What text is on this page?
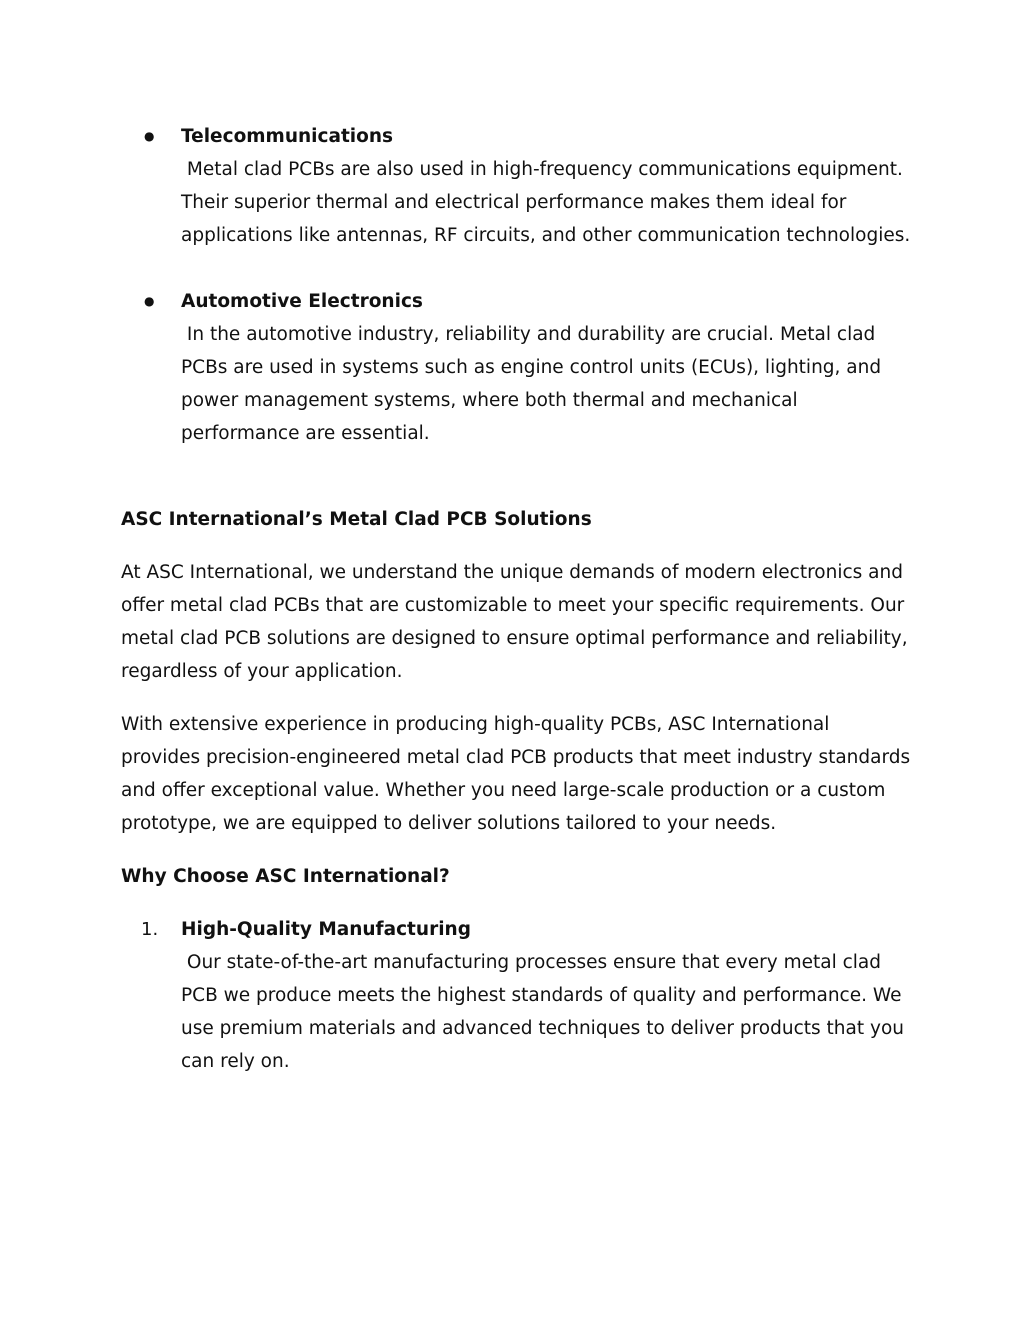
●	Telecommunications
Metal clad PCBs are also used in high-frequency communications equipment. Their superior thermal and electrical performance makes them ideal for applications like antennas, RF circuits, and other communication technologies.
●	Automotive Electronics
In the automotive industry, reliability and durability are crucial. Metal clad PCBs are used in systems such as engine control units (ECUs), lighting, and power management systems, where both thermal and mechanical performance are essential.
ASC International’s Metal Clad PCB Solutions
At ASC International, we understand the unique demands of modern electronics and offer metal clad PCBs that are customizable to meet your specific requirements. Our metal clad PCB solutions are designed to ensure optimal performance and reliability, regardless of your application.
With extensive experience in producing high-quality PCBs, ASC International provides precision-engineered metal clad PCB products that meet industry standards and offer exceptional value. Whether you need large-scale production or a custom prototype, we are equipped to deliver solutions tailored to your needs.
Why Choose ASC International?
1.	High-Quality Manufacturing
Our state-of-the-art manufacturing processes ensure that every metal clad PCB we produce meets the highest standards of quality and performance. We use premium materials and advanced techniques to deliver products that you can rely on.
